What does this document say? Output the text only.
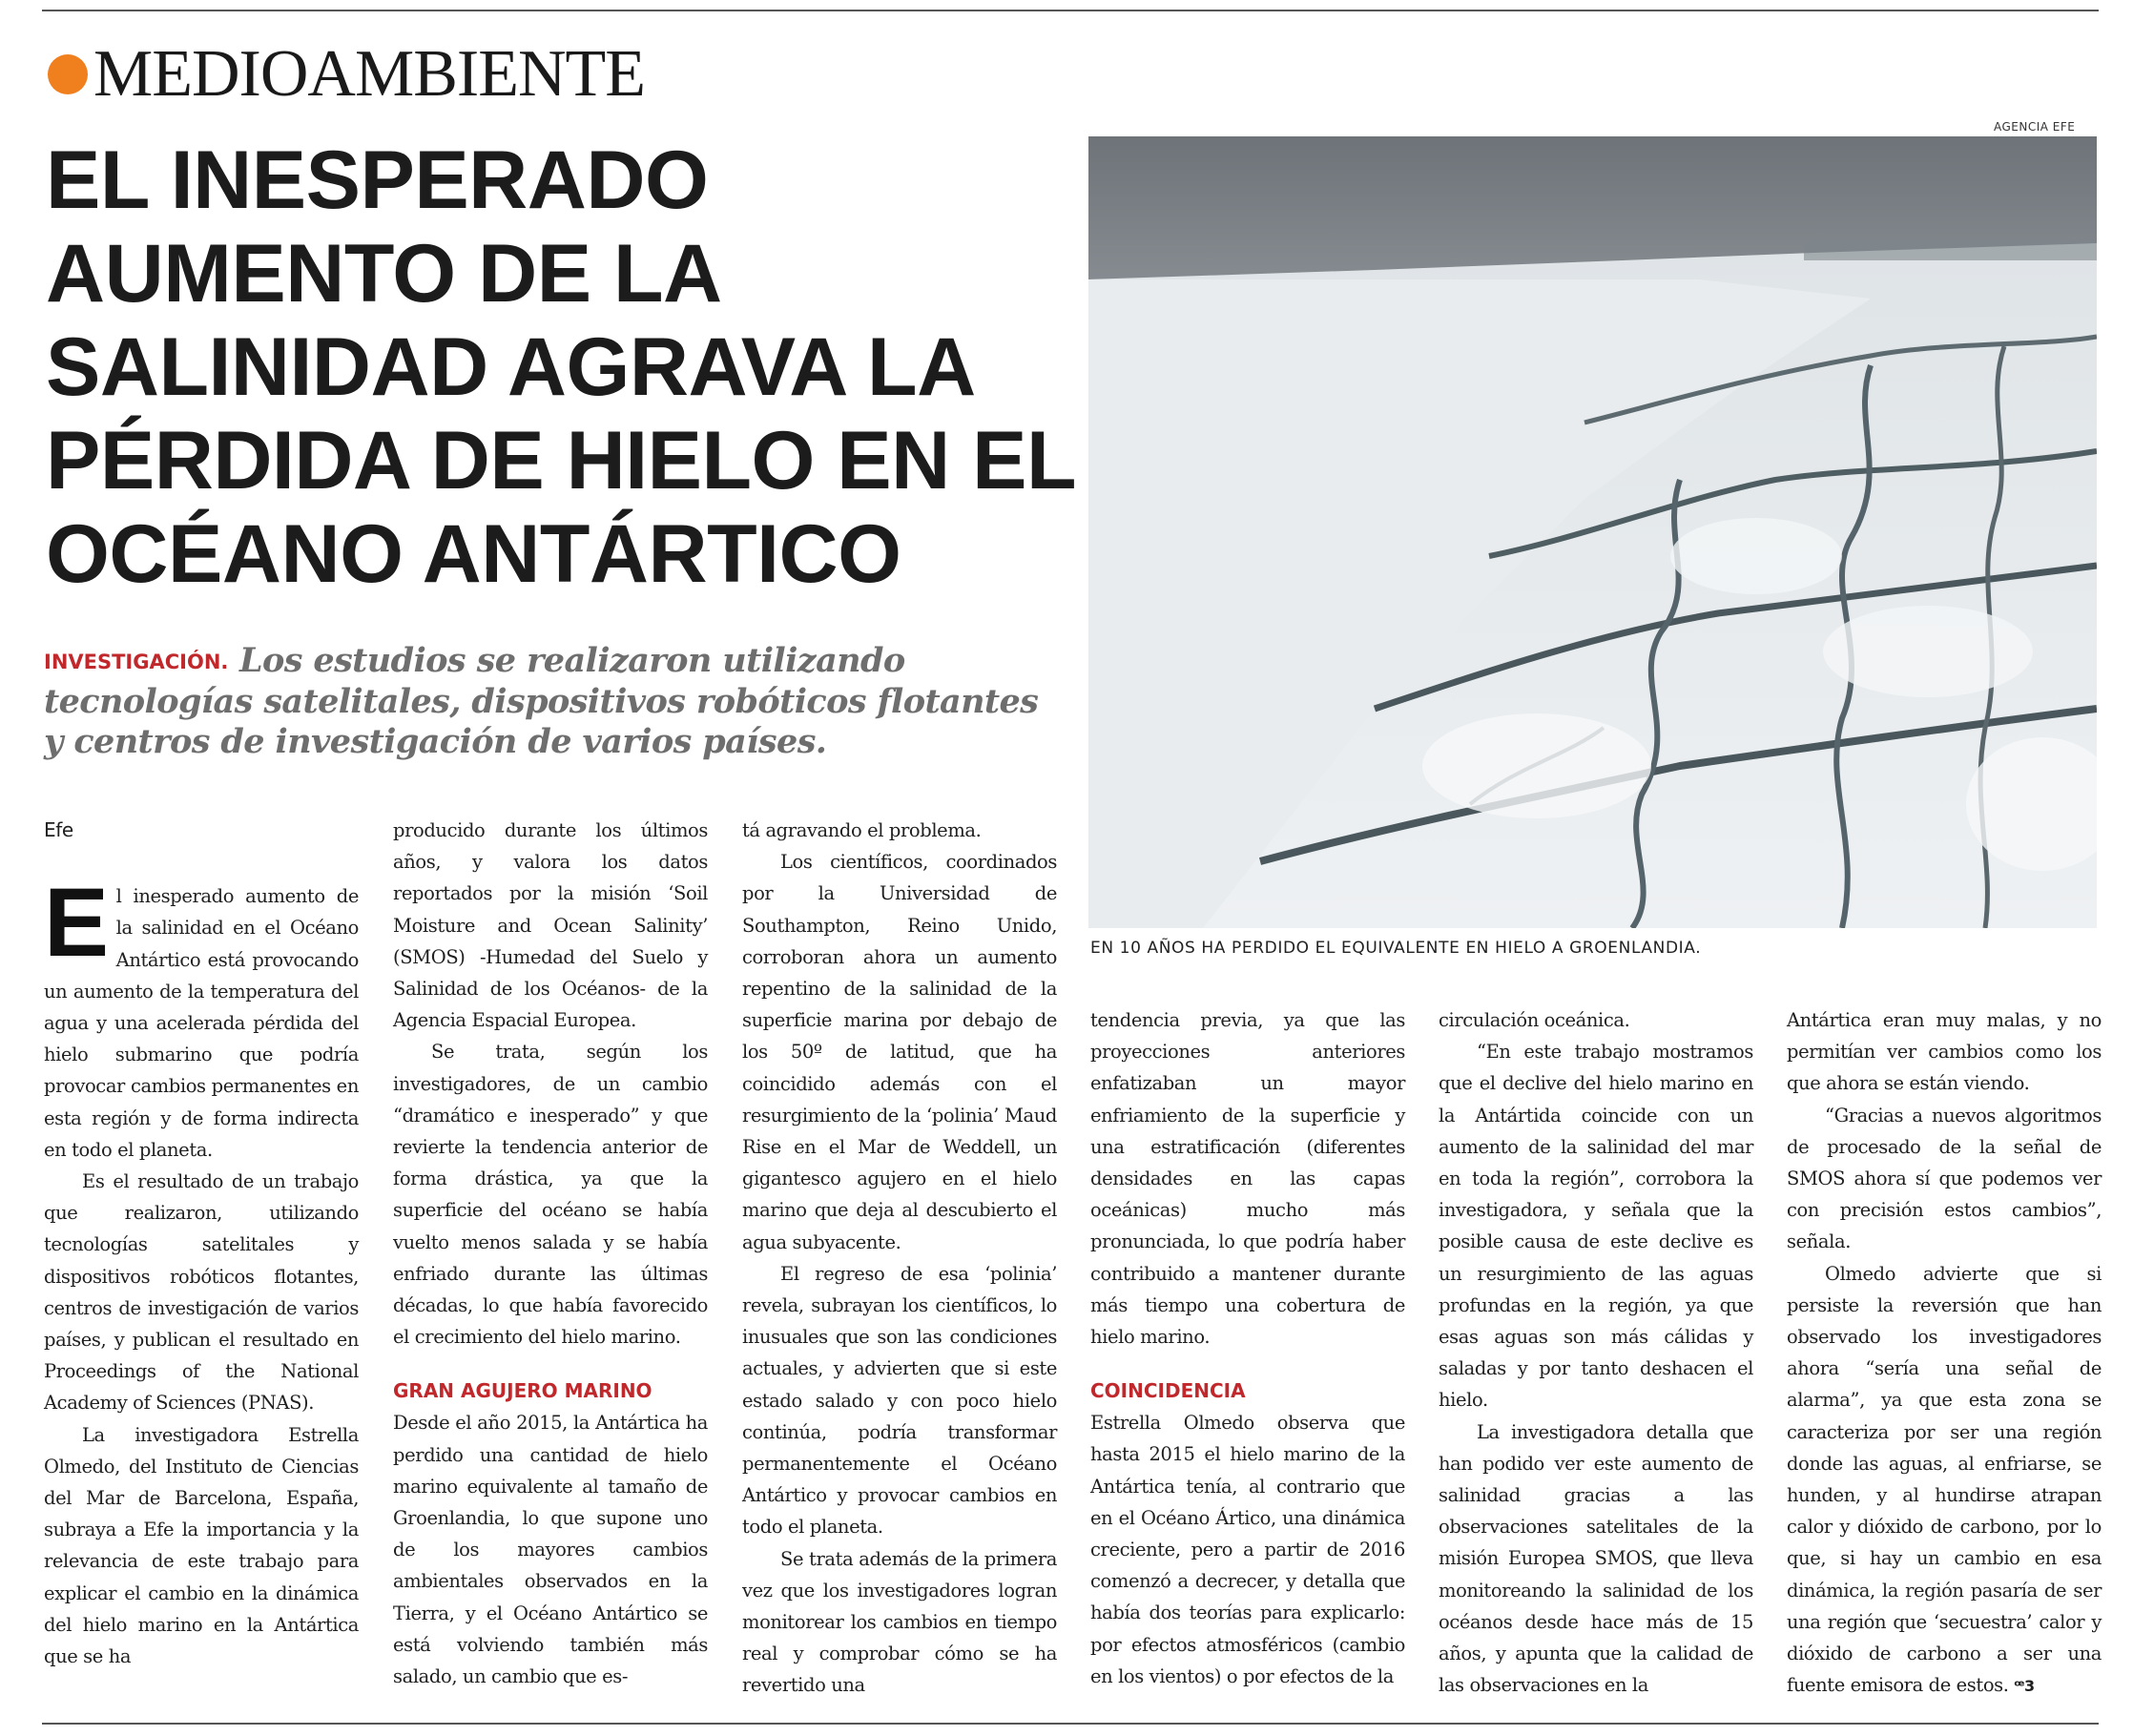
MEDIOAMBIENTE
EL INESPERADO
AUMENTO DE LA
SALINIDAD AGRAVA LA
PÉRDIDA DE HIELO EN EL
OCÉANO ANTÁRTICO
INVESTIGACIÓN. Los estudios se realizaron utilizando tecnologías satelitales, dispositivos robóticos flotantes y centros de investigación de varios países.
AGENCIA EFE
EN 10 AÑOS HA PERDIDO EL EQUIVALENTE EN HIELO A GROENLANDIA.

Efe

El inesperado aumento de la salinidad en el Océano Antártico está provocando un aumento de la temperatura del agua y una acelerada pérdida del hielo submarino que podría provocar cambios permanentes en esta región y de forma indirecta en todo el planeta.

Es el resultado de un trabajo que realizaron, utilizando tecnologías satelitales y dispositivos robóticos flotantes, centros de investigación de varios países, y publican el resultado en Proceedings of the National Academy of Sciences (PNAS).

La investigadora Estrella Olmedo, del Instituto de Ciencias del Mar de Barcelona, España, subraya a Efe la importancia y la relevancia de este trabajo para explicar el cambio en la dinámica del hielo marino en la Antártica que se ha

producido durante los últimos años, y valora los datos reportados por la misión ‘Soil Moisture and Ocean Salinity’ (SMOS) -Humedad del Suelo y Salinidad de los Océanos- de la Agencia Espacial Europea.

Se trata, según los investigadores, de un cambio “dramático e inesperado” y que revierte la tendencia anterior de forma drástica, ya que la superficie del océano se había vuelto menos salada y se había enfriado durante las últimas décadas, lo que había favorecido el crecimiento del hielo marino.

GRAN AGUJERO MARINO

Desde el año 2015, la Antártica ha perdido una cantidad de hielo marino equivalente al tamaño de Groenlandia, lo que supone uno de los mayores cambios ambientales observados en la Tierra, y el Océano Antártico se está volviendo también más salado, un cambio que es-

tá agravando el problema.

Los científicos, coordinados por la Universidad de Southampton, Reino Unido, corroboran ahora un aumento repentino de la salinidad de la superficie marina por debajo de los 50º de latitud, que ha coincidido además con el resurgimiento de la ‘polinia’ Maud Rise en el Mar de Weddell, un gigantesco agujero en el hielo marino que deja al descubierto el agua subyacente.

El regreso de esa ‘polinia’ revela, subrayan los científicos, lo inusuales que son las condiciones actuales, y advierten que si este estado salado y con poco hielo continúa, podría transformar permanentemente el Océano Antártico y provocar cambios en todo el planeta.

Se trata además de la primera vez que los investigadores logran monitorear los cambios en tiempo real y comprobar cómo se ha revertido una

tendencia previa, ya que las proyecciones anteriores enfatizaban un mayor enfriamiento de la superficie y una estratificación (diferentes densidades en las capas oceánicas) mucho más pronunciada, lo que podría haber contribuido a mantener durante más tiempo una cobertura de hielo marino.

COINCIDENCIA

Estrella Olmedo observa que hasta 2015 el hielo marino de la Antártica tenía, al contrario que en el Océano Ártico, una dinámica creciente, pero a partir de 2016 comenzó a decrecer, y detalla que había dos teorías para explicarlo: por efectos atmosféricos (cambio en los vientos) o por efectos de la

circulación oceánica.

“En este trabajo mostramos que el declive del hielo marino en la Antártida coincide con un aumento de la salinidad del mar en toda la región”, corrobora la investigadora, y señala que la posible causa de este declive es un resurgimiento de las aguas profundas en la región, ya que esas aguas son más cálidas y saladas y por tanto deshacen el hielo.

La investigadora detalla que han podido ver este aumento de salinidad gracias a las observaciones satelitales de la misión Europea SMOS, que lleva monitoreando la salinidad de los océanos desde hace más de 15 años, y apunta que la calidad de las observaciones en la

Antártica eran muy malas, y no permitían ver cambios como los que ahora se están viendo.

“Gracias a nuevos algoritmos de procesado de la señal de SMOS ahora sí que podemos ver con precisión estos cambios”, señala.

Olmedo advierte que si persiste la reversión que han observado los investigadores ahora “sería una señal de alarma”, ya que esta zona se caracteriza por ser una región donde las aguas, al enfriarse, se hunden, y al hundirse atrapan calor y dióxido de carbono, por lo que, si hay un cambio en esa dinámica, la región pasaría de ser una región que ‘secuestra’ calor y dióxido de carbono a ser una fuente emisora de estos. ꟹ3
